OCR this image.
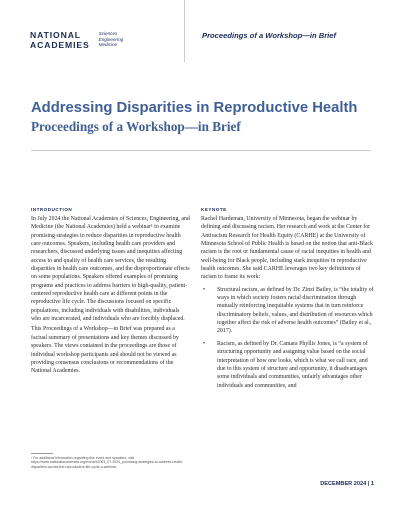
NATIONAL
ACADEMIES
Sciences
Engineering
Medicine
Proceedings of a Workshop—in Brief
Addressing Disparities in Reproductive Health
Proceedings of a Workshop—in Brief
INTRODUCTION

In July 2024 the National Academies of Sciences, Engineering, and Medicine (the National Academies) held a webinar¹ to examine promising strategies to reduce disparities in reproductive health care outcomes. Speakers, including health care providers and researchers, discussed underlying issues and inequities affecting access to and quality of health care services, the resulting disparities in health care outcomes, and the disproportionate effects on some populations. Speakers offered examples of promising programs and practices to address barriers to high-quality, patient-centered reproductive health care at different points in the reproductive life cycle. The discussions focused on specific populations, including individuals with disabilities, individuals who are incarcerated, and individuals who are forcibly displaced.

This Proceedings of a Workshop—in Brief was prepared as a factual summary of presentations and key themes discussed by speakers. The views contained in the proceedings are those of individual workshop participants and should not be viewed as providing consensus conclusions or recommendations of the National Academies.

KEYNOTE

Rachel Hardeman, University of Minnesota, began the webinar by defining and discussing racism. Her research and work at the Center for Antiracism Research for Health Equity (CARHE) at the University of Minnesota School of Public Health is based on the notion that anti-Black racism is the root or fundamental cause of racial inequities in health and well-being for Black people, including stark inequities in reproductive health outcomes. She said CARHE leverages two key definitions of racism to frame its work:

• Structural racism, as defined by Dr. Zinzi Bailey, is “the totality of ways in which society fosters racial discrimination through mutually reinforcing inequitable systems that in turn reinforce discriminatory beliefs, values, and distribution of resources which together affect the risk of adverse health outcomes” (Bailey et al., 2017).
• Racism, as defined by Dr. Camara Phyllis Jones, is “a system of structuring opportunity and assigning value based on the social interpretation of how one looks, which is what we call race, and due to this system of structure and opportunity, it disadvantages some individuals and communities, unfairly advantages other individuals and communities, and
¹ For additional information regarding this event and speakers, visit https://www.nationalacademies.org/event/42063_07-2024_promising-strategies-to-address-health-disparities-across-the-reproductive-life-cycle-a-webinar.
DECEMBER 2024 | 1
